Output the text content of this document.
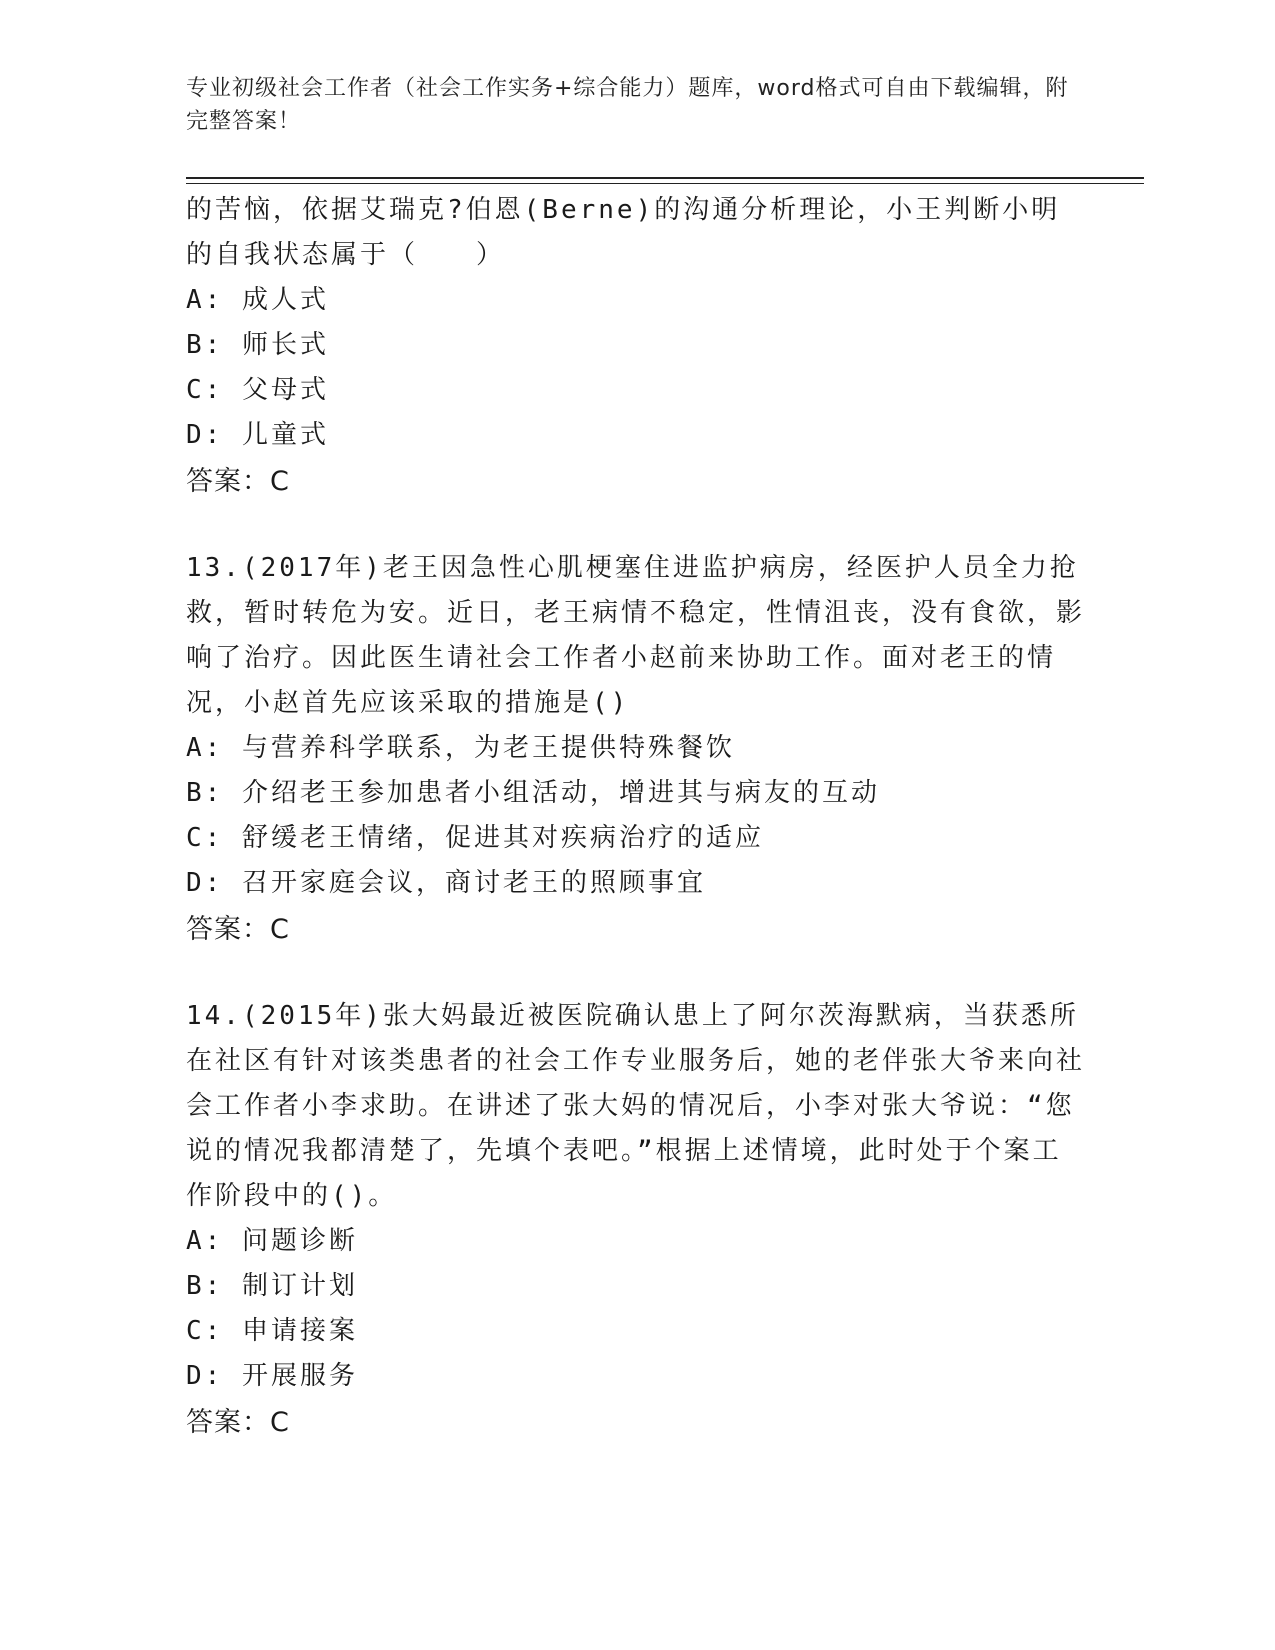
专业初级社会工作者（社会工作实务+综合能力）题库，word格式可自由下载编辑，附完整答案！

的苦恼，依据艾瑞克?伯恩(Berne)的沟通分析理论，小王判断小明的自我状态属于（　　）

A: 成人式

B: 师长式

C: 父母式

D: 儿童式

答案：C

13.(2017年)老王因急性心肌梗塞住进监护病房，经医护人员全力抢救，暂时转危为安。近日，老王病情不稳定，性情沮丧，没有食欲，影响了治疗。因此医生请社会工作者小赵前来协助工作。面对老王的情况，小赵首先应该采取的措施是()

A: 与营养科学联系，为老王提供特殊餐饮

B: 介绍老王参加患者小组活动，增进其与病友的互动

C: 舒缓老王情绪，促进其对疾病治疗的适应

D: 召开家庭会议，商讨老王的照顾事宜

答案：C

14.(2015年)张大妈最近被医院确认患上了阿尔茨海默病，当获悉所在社区有针对该类患者的社会工作专业服务后，她的老伴张大爷来向社会工作者小李求助。在讲述了张大妈的情况后，小李对张大爷说：“您说的情况我都清楚了，先填个表吧。”根据上述情境，此时处于个案工作阶段中的()。

A: 问题诊断

B: 制订计划

C: 申请接案

D: 开展服务

答案：C
